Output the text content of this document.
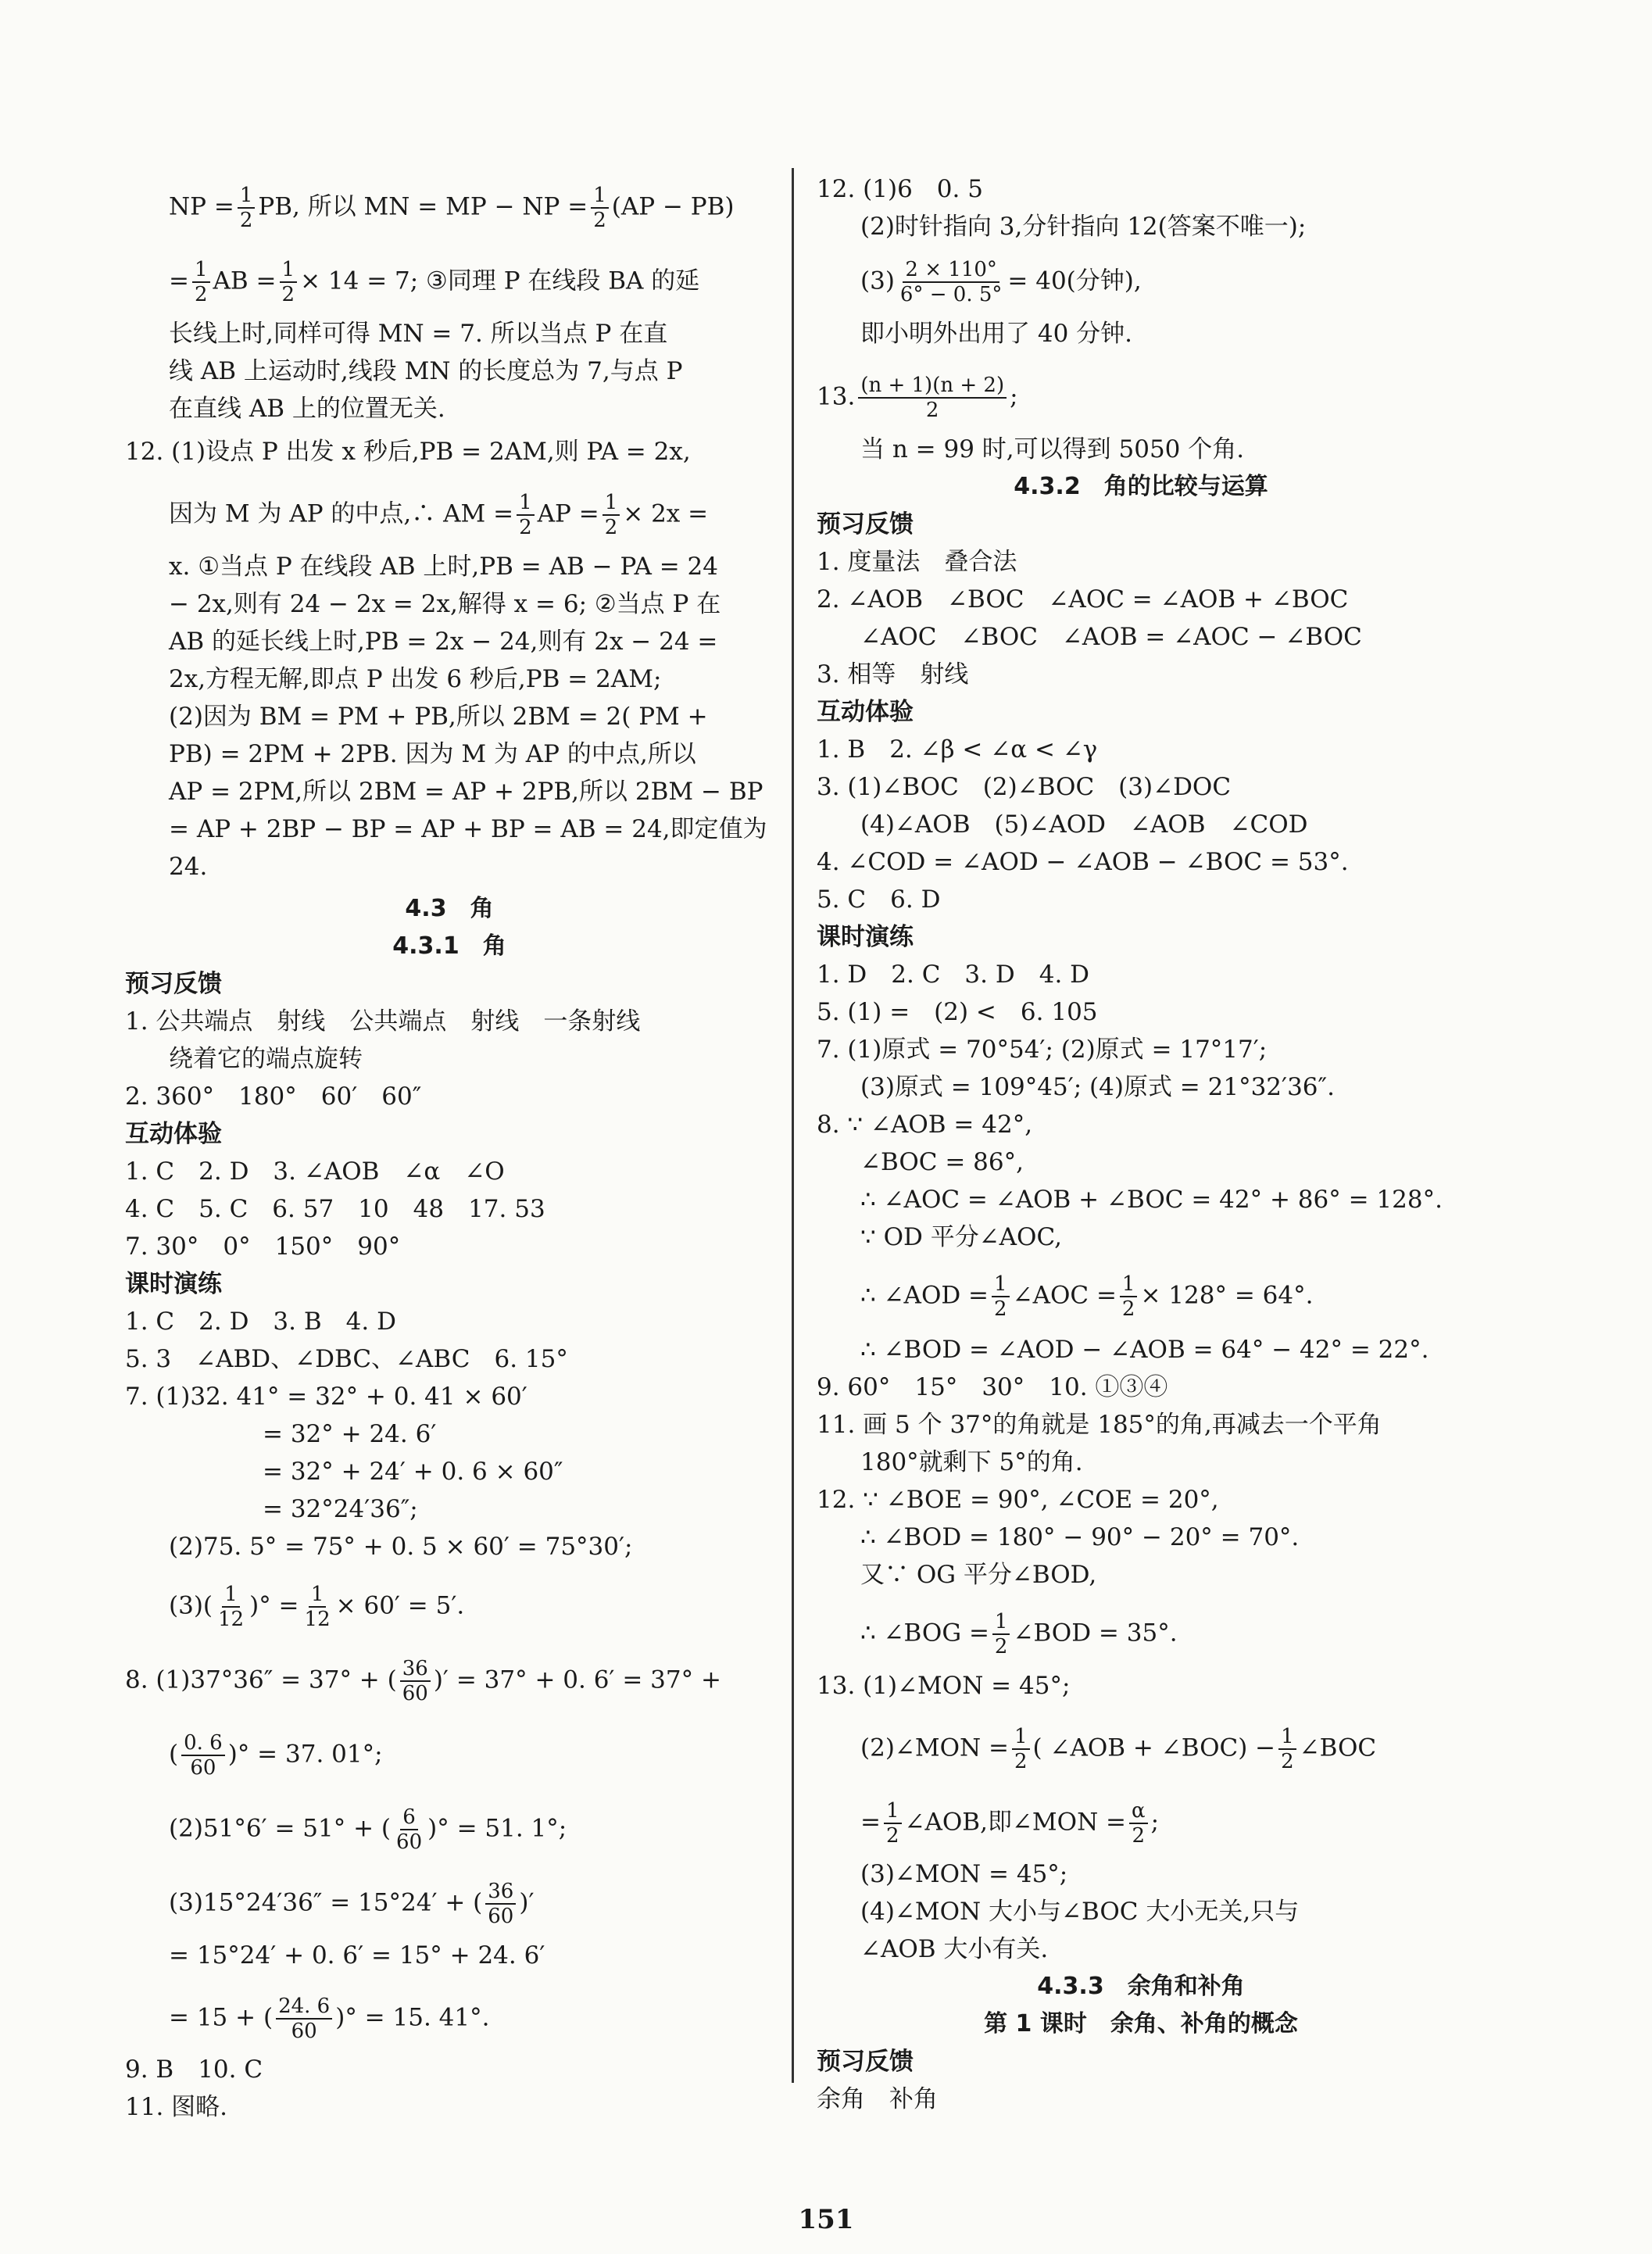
NP = $\frac{1}{2}$ PB, 所以 MN = MP − NP = $\frac{1}{2} (AP - PB)$
= $\frac{1}{2}$ AB = $\frac{1}{2} \times 14 = 7$; ③同理 P 在线段 BA 的延
长线上时,同样可得 MN = 7. 所以当点 P 在直
线 AB 上运动时,线段 MN 的长度总为 7,与点 P
在直线 AB 上的位置无关.
12. (1)设点 P 出发 x 秒后,PB = 2AM,则 PA = 2x,
因为 M 为 AP 的中点,∴ AM = $\frac{1}{2}$ AP = $\frac{1}{2} \times 2x$ =
x. ①当点 P 在线段 AB 上时,PB = AB − PA = 24
− 2x,则有 24 − 2x = 2x,解得 x = 6; ②当点 P 在
AB 的延长线上时,PB = 2x − 24,则有 2x − 24 =
2x,方程无解,即点 P 出发 6 秒后,PB = 2AM;
(2)因为 BM = PM + PB,所以 2BM = 2( PM +
PB) = 2PM + 2PB. 因为 M 为 AP 的中点,所以
AP = 2PM,所以 2BM = AP + 2PB,所以 2BM − BP
= AP + 2BP − BP = AP + BP = AB = 24,即定值为
24.
4.3　角
4.3.1　角
预习反馈
1. 公共端点　射线　公共端点　射线　一条射线
绕着它的端点旋转
2. 360°　180°　60′　60″
互动体验
1. C　2. D　3. ∠AOB　∠α　∠O
4. C　5. C　6. 57　10　48　17. 53
7. 30°　0°　150°　90°
课时演练
1. C　2. D　3. B　4. D
5. 3　∠ABD、∠DBC、∠ABC　6. 15°
7. (1)32. 41° = 32° + 0. 41 × 60′
= 32° + 24. 6′
= 32° + 24′ + 0. 6 × 60″
= 32°24′36″;
(2)75. 5° = 75° + 0. 5 × 60′ = 75°30′;
$(3)( \frac{1}{12}$ )° = $\frac{1}{12} \times 60' = 5'$.
8. (1)37°36″ = 37° + ( $\frac{36}{60}$ )′ = 37° + 0. 6′ = 37° +
( $\frac{0. 6}{60}$ )° = 37. 01°;
(2)51°6′ = 51° + ( $\frac{6}{60}$ )° = 51. 1°;
(3)15°24′36″ = 15°24′ + ( $\frac{36}{60}$ )′
= 15°24′ + 0. 6′ = 15° + 24. 6′
= 15 + ( $\frac{24. 6}{60}$ )° = 15. 41°.
9. B　10. C
11. 图略.
12. (1)6　0. 5
(2)时针指向 3,分针指向 12(答案不唯一);
$(3) \frac{2 \times 110^\circ}{6^\circ - 0. 5^\circ} = 40$(分钟),
即小明外出用了 40 分钟.
13. $\frac{(n + 1)(n + 2)}{2}$ ;
当 n = 99 时,可以得到 5050 个角.
4.3.2　角的比较与运算
预习反馈
1. 度量法　叠合法
2. ∠AOB　∠BOC　∠AOC = ∠AOB + ∠BOC
∠AOC　∠BOC　∠AOB = ∠AOC − ∠BOC
3. 相等　射线
互动体验
1. B　2. ∠β < ∠α < ∠γ
3. (1)∠BOC　(2)∠BOC　(3)∠DOC
(4)∠AOB　(5)∠AOD　∠AOB　∠COD
4. ∠COD = ∠AOD − ∠AOB − ∠BOC = 53°.
5. C　6. D
课时演练
1. D　2. C　3. D　4. D
5. (1) =　(2) <　6. 105
7. (1)原式 = 70°54′; (2)原式 = 17°17′;
(3)原式 = 109°45′; (4)原式 = 21°32′36″.
8. ∵ ∠AOB = 42°,
∠BOC = 86°,
∴ ∠AOC = ∠AOB + ∠BOC = 42° + 86° = 128°.
∵ OD 平分∠AOC,
∴ ∠AOD = $\frac{1}{2}$ ∠AOC = $\frac{1}{2} \times 128^\circ = 64^\circ$.
∴ ∠BOD = ∠AOD − ∠AOB = 64° − 42° = 22°.
9. 60°　15°　30°　10. ①③④
11. 画 5 个 37°的角就是 185°的角,再减去一个平角
180°就剩下 5°的角.
12. ∵ ∠BOE = 90°, ∠COE = 20°,
∴ ∠BOD = 180° − 90° − 20° = 70°.
又∵ OG 平分∠BOD,
∴ ∠BOG = $\frac{1}{2}$ ∠BOD = 35°.
13. (1)∠MON = 45°;
(2)∠MON = $\frac{1}{2}$ ( ∠AOB + ∠BOC) − $\frac{1}{2}$ ∠BOC
= $\frac{1}{2}$ ∠AOB,即∠MON = $\frac{\alpha}{2}$ ;
(3)∠MON = 45°;
(4)∠MON 大小与∠BOC 大小无关,只与
∠AOB 大小有关.
4.3.3　余角和补角
第 1 课时　余角、补角的概念
预习反馈
余角　补角
151
